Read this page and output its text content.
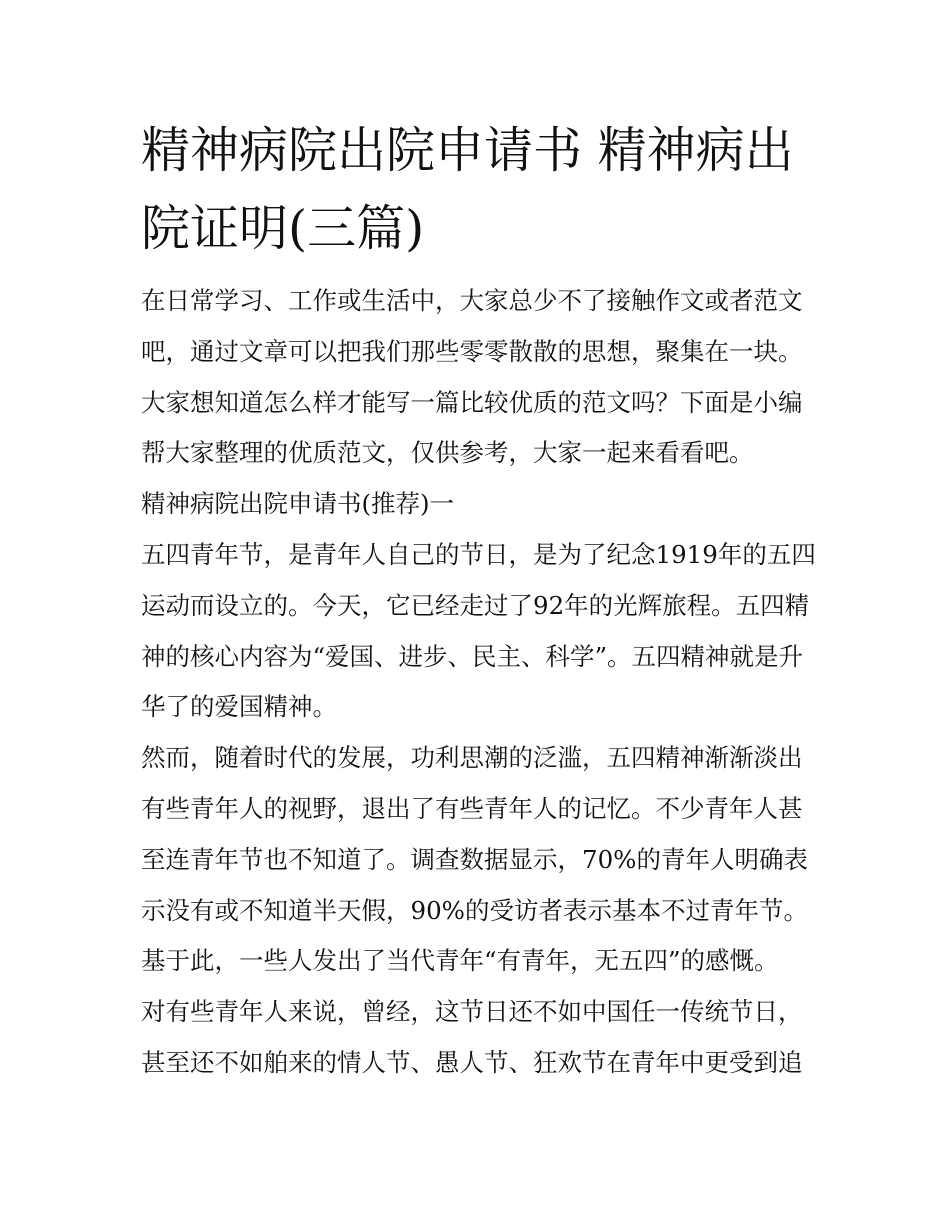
精神病院出院申请书 精神病出院证明(三篇)

在日常学习、工作或生活中，大家总少不了接触作文或者范文吧，通过文章可以把我们那些零零散散的思想，聚集在一块。大家想知道怎么样才能写一篇比较优质的范文吗？下面是小编帮大家整理的优质范文，仅供参考，大家一起来看看吧。

精神病院出院申请书(推荐)一

五四青年节，是青年人自己的节日，是为了纪念1919年的五四运动而设立的。今天，它已经走过了92年的光辉旅程。五四精神的核心内容为“爱国、进步、民主、科学”。五四精神就是升华了的爱国精神。

然而，随着时代的发展，功利思潮的泛滥，五四精神渐渐淡出有些青年人的视野，退出了有些青年人的记忆。不少青年人甚至连青年节也不知道了。调查数据显示，70%的青年人明确表示没有或不知道半天假，90%的受访者表示基本不过青年节。基于此，一些人发出了当代青年“有青年，无五四”的感慨。

对有些青年人来说，曾经，这节日还不如中国任一传统节日，甚至还不如舶来的情人节、愚人节、狂欢节在青年中更受到追
